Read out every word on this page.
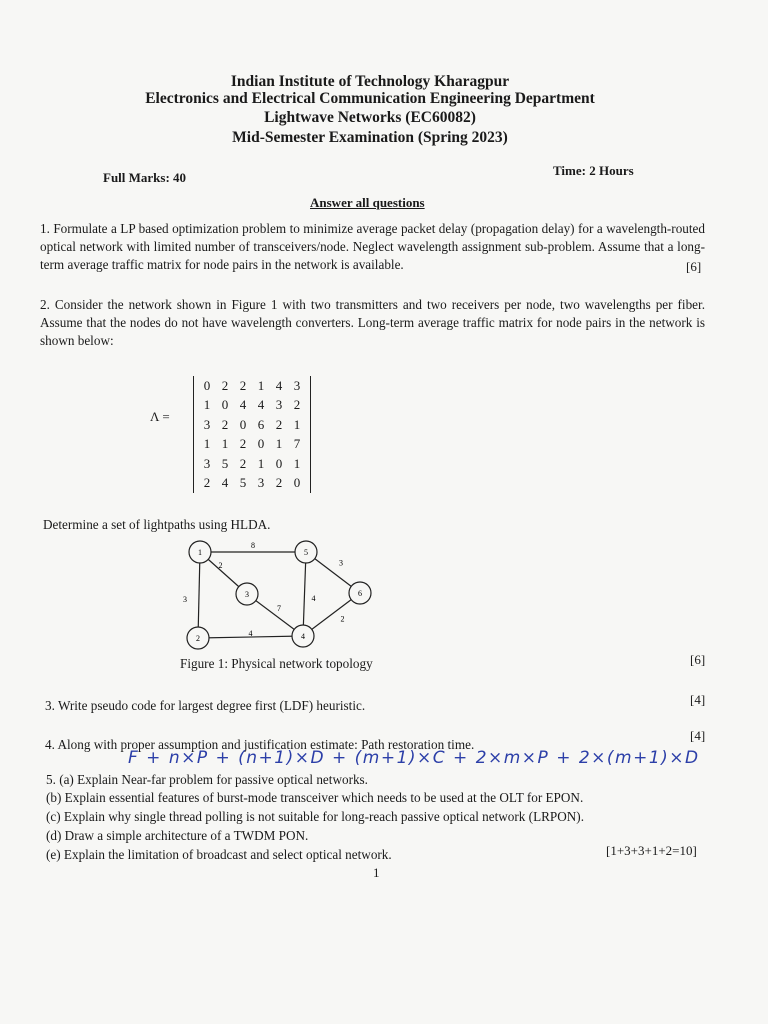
Indian Institute of Technology Kharagpur
Electronics and Electrical Communication Engineering Department
Lightwave Networks (EC60082)
Mid-Semester Examination (Spring 2023)
Full Marks: 40	Time: 2 Hours
Answer all questions
1. Formulate a LP based optimization problem to minimize average packet delay (propagation delay) for a wavelength-routed optical network with limited number of transceivers/node. Neglect wavelength assignment sub-problem. Assume that a long-term average traffic matrix for node pairs in the network is available.	[6]
2. Consider the network shown in Figure 1 with two transmitters and two receivers per node, two wavelengths per fiber. Assume that the nodes do not have wavelength converters. Long-term average traffic matrix for node pairs in the network is shown below:
Λ =
0 2 2 1 4 3
1 0 4 4 3 2
3 2 0 6 2 1
1 1 2 0 1 7
3 5 2 1 0 1
2 4 5 3 2 0
Determine a set of lightpaths using HLDA.
8
2
3
4
7
4
3
2
1
2
3
4
5
6
Figure 1: Physical network topology	[6]
3. Write pseudo code for largest degree first (LDF) heuristic.	[4]
4. Along with proper assumption and justification estimate: Path restoration time.
[4]
F + n×P + (n+1)×D + (m+1)×C + 2×m×P + 2×(m+1)×D
5. (a) Explain Near-far problem for passive optical networks.
(b) Explain essential features of burst-mode transceiver which needs to be used at the OLT for EPON.
(c) Explain why single thread polling is not suitable for long-reach passive optical network (LRPON).
(d) Draw a simple architecture of a TWDM PON.
(e) Explain the limitation of broadcast and select optical network.	[1+3+3+1+2=10]
1
